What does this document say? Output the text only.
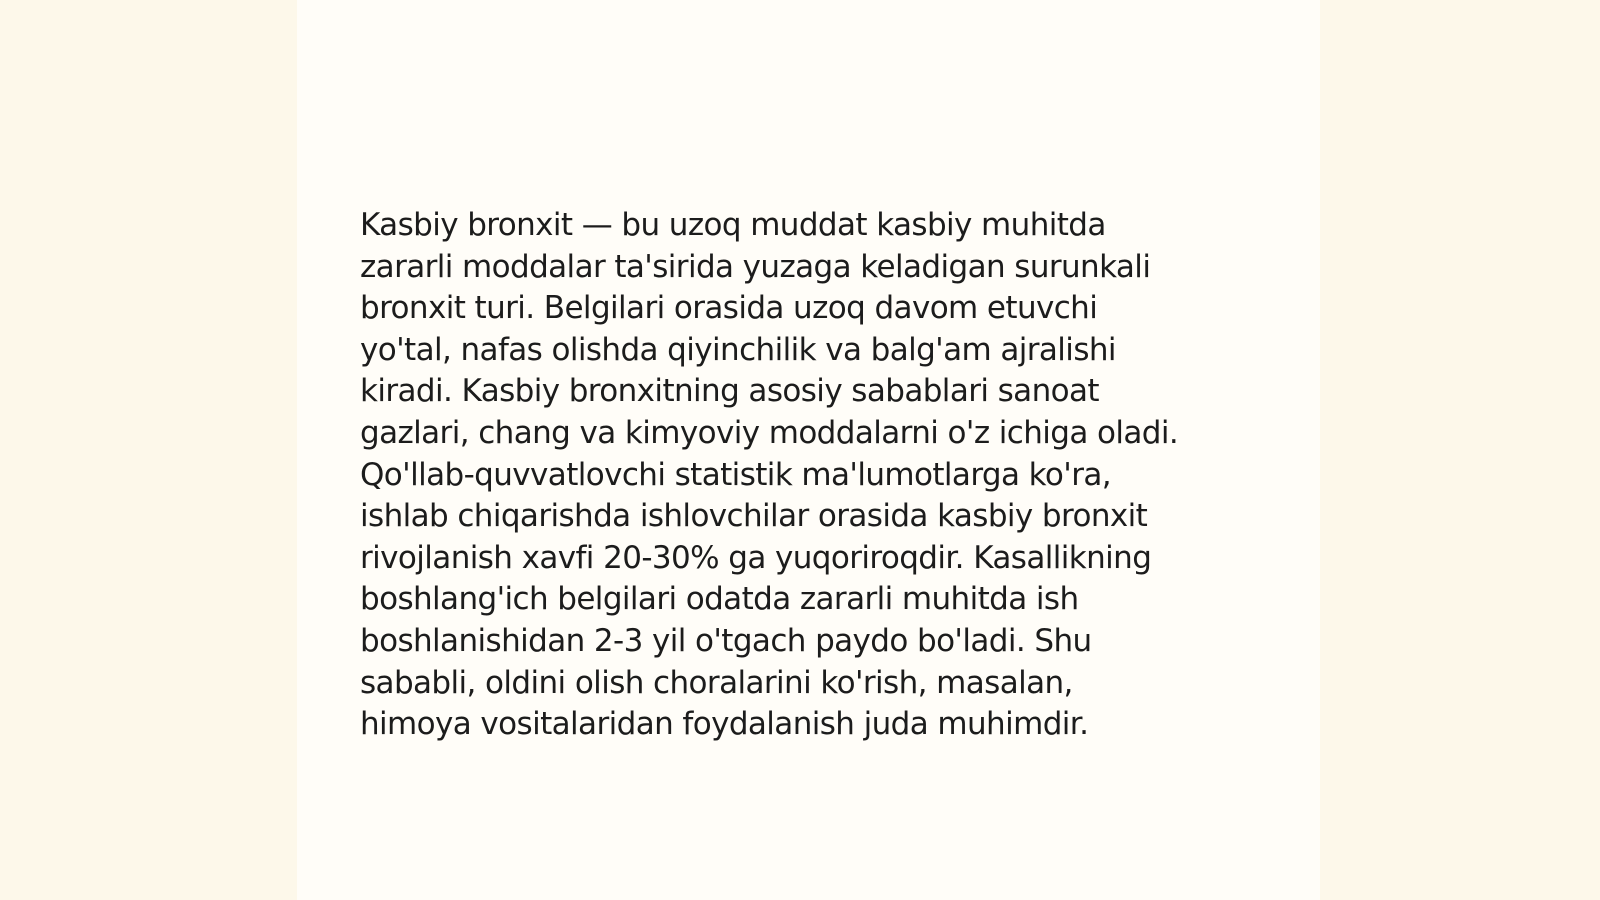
Kasbiy bronxit — bu uzoq muddat kasbiy muhitda
zararli moddalar ta'sirida yuzaga keladigan surunkali
bronxit turi. Belgilari orasida uzoq davom etuvchi
yo'tal, nafas olishda qiyinchilik va balg'am ajralishi
kiradi. Kasbiy bronxitning asosiy sabablari sanoat
gazlari, chang va kimyoviy moddalarni o'z ichiga oladi.
Qo'llab-quvvatlovchi statistik ma'lumotlarga ko'ra,
ishlab chiqarishda ishlovchilar orasida kasbiy bronxit
rivojlanish xavfi 20-30% ga yuqoriroqdir. Kasallikning
boshlang'ich belgilari odatda zararli muhitda ish
boshlanishidan 2-3 yil o'tgach paydo bo'ladi. Shu
sababli, oldini olish choralarini ko'rish, masalan,
himoya vositalaridan foydalanish juda muhimdir.
